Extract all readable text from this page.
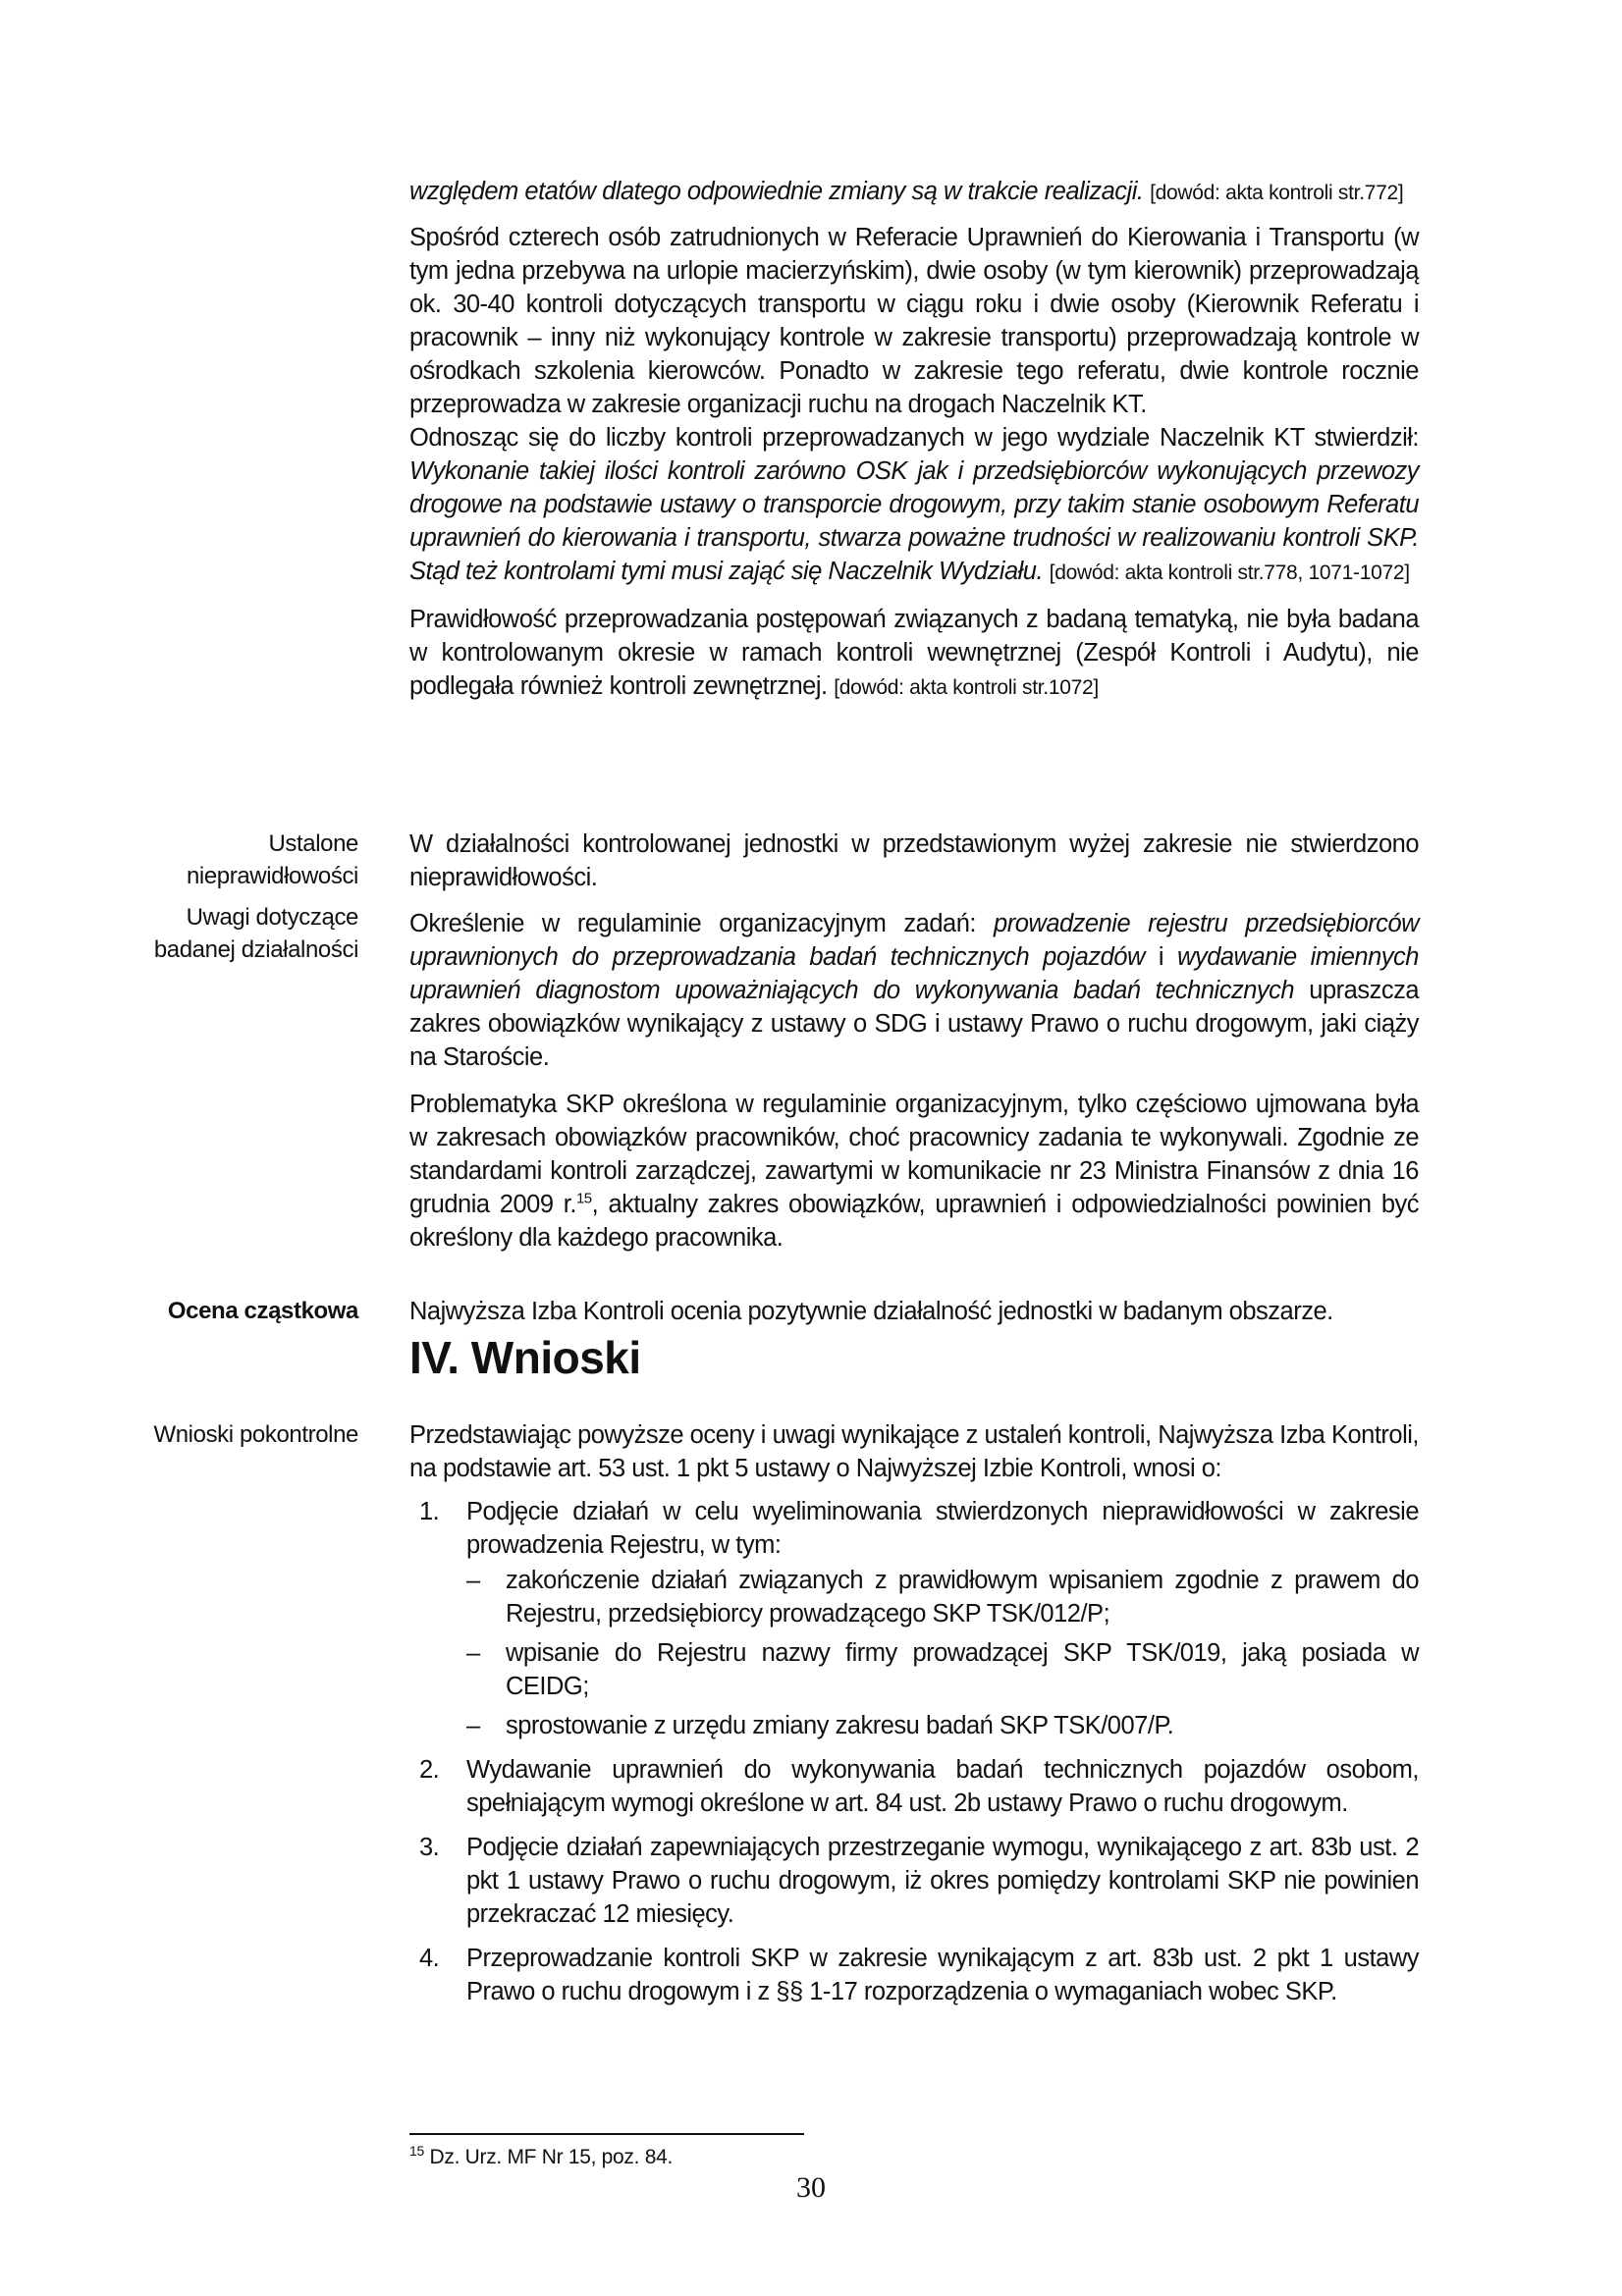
Ustalone nieprawidłowości
Uwagi dotyczące badanej działalności
Ocena cząstkowa
Wnioski pokontrolne

względem etatów dlatego odpowiednie zmiany są w trakcie realizacji. [dowód: akta kontroli str.772]

Spośród czterech osób zatrudnionych w Referacie Uprawnień do Kierowania i Transportu (w tym jedna przebywa na urlopie macierzyńskim), dwie osoby (w tym kierownik) przeprowadzają ok. 30-40 kontroli dotyczących transportu w ciągu roku i dwie osoby (Kierownik Referatu i pracownik – inny niż wykonujący kontrole w zakresie transportu) przeprowadzają kontrole w ośrodkach szkolenia kierowców. Ponadto w zakresie tego referatu, dwie kontrole rocznie przeprowadza w zakresie organizacji ruchu na drogach Naczelnik KT.

Odnosząc się do liczby kontroli przeprowadzanych w jego wydziale Naczelnik KT stwierdził: Wykonanie takiej ilości kontroli zarówno OSK jak i przedsiębiorców wykonujących przewozy drogowe na podstawie ustawy o transporcie drogowym, przy takim stanie osobowym Referatu uprawnień do kierowania i transportu, stwarza poważne trudności w realizowaniu kontroli SKP. Stąd też kontrolami tymi musi zająć się Naczelnik Wydziału. [dowód: akta kontroli str.778, 1071-1072]

Prawidłowość przeprowadzania postępowań związanych z badaną tematyką, nie była badana w kontrolowanym okresie w ramach kontroli wewnętrznej (Zespół Kontroli i Audytu), nie podlegała również kontroli zewnętrznej. [dowód: akta kontroli str.1072]

W działalności kontrolowanej jednostki w przedstawionym wyżej zakresie nie stwierdzono nieprawidłowości.

Określenie w regulaminie organizacyjnym zadań: prowadzenie rejestru przedsiębiorców uprawnionych do przeprowadzania badań technicznych pojazdów i wydawanie imiennych uprawnień diagnostom upoważniających do wykonywania badań technicznych upraszcza zakres obowiązków wynikający z ustawy o SDG i ustawy Prawo o ruchu drogowym, jaki ciąży na Staroście.

Problematyka SKP określona w regulaminie organizacyjnym, tylko częściowo ujmowana była w zakresach obowiązków pracowników, choć pracownicy zadania te wykonywali. Zgodnie ze standardami kontroli zarządczej, zawartymi w komunikacie nr 23 Ministra Finansów z dnia 16 grudnia 2009 r.$^{15}$, aktualny zakres obowiązków, uprawnień i odpowiedzialności powinien być określony dla każdego pracownika.

Najwyższa Izba Kontroli ocenia pozytywnie działalność jednostki w badanym obszarze.

IV. Wnioski

Przedstawiając powyższe oceny i uwagi wynikające z ustaleń kontroli, Najwyższa Izba Kontroli, na podstawie art. 53 ust. 1 pkt 5 ustawy o Najwyższej Izbie Kontroli, wnosi o:

1. Podjęcie działań w celu wyeliminowania stwierdzonych nieprawidłowości w zakresie prowadzenia Rejestru, w tym:
– zakończenie działań związanych z prawidłowym wpisaniem zgodnie z prawem do Rejestru, przedsiębiorcy prowadzącego SKP TSK/012/P;
– wpisanie do Rejestru nazwy firmy prowadzącej SKP TSK/019, jaką posiada w CEIDG;
– sprostowanie z urzędu zmiany zakresu badań SKP TSK/007/P.
2. Wydawanie uprawnień do wykonywania badań technicznych pojazdów osobom, spełniającym wymogi określone w art. 84 ust. 2b ustawy Prawo o ruchu drogowym.
3. Podjęcie działań zapewniających przestrzeganie wymogu, wynikającego z art. 83b ust. 2 pkt 1 ustawy Prawo o ruchu drogowym, iż okres pomiędzy kontrolami SKP nie powinien przekraczać 12 miesięcy.
4. Przeprowadzanie kontroli SKP w zakresie wynikającym z art. 83b ust. 2 pkt 1 ustawy Prawo o ruchu drogowym i z §§ 1-17 rozporządzenia o wymaganiach wobec SKP.
$^{15}$ Dz. Urz. MF Nr 15, poz. 84.
30
